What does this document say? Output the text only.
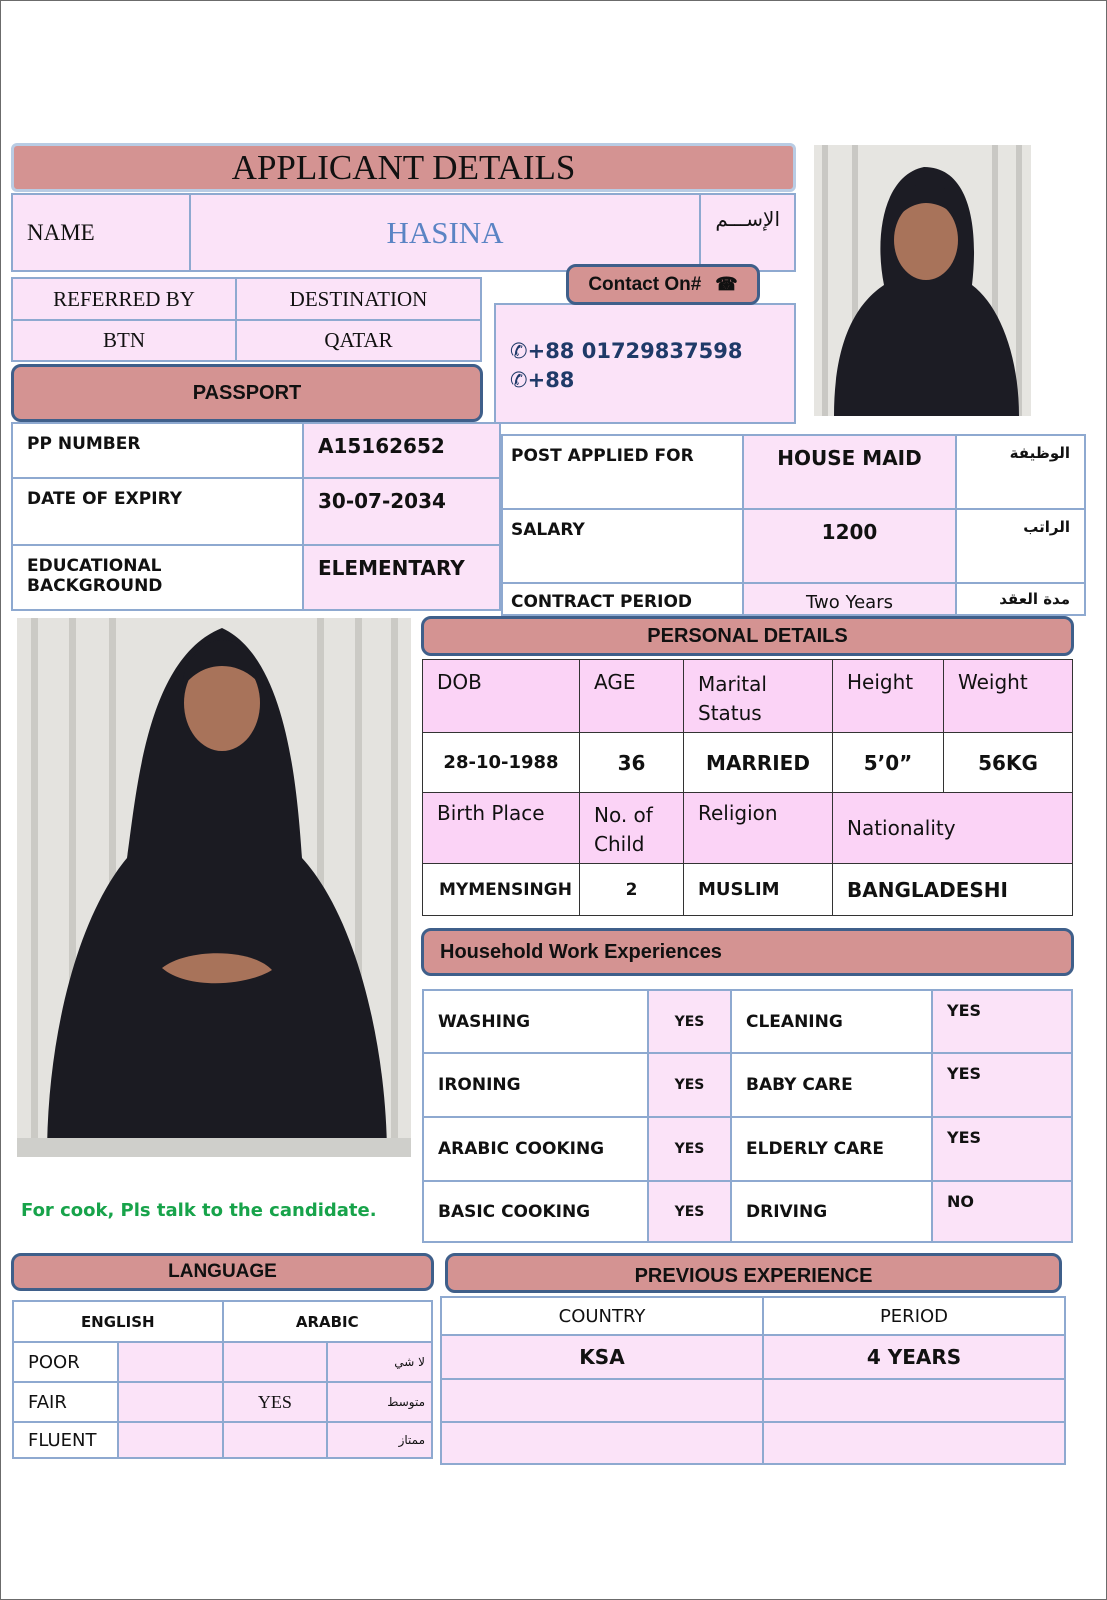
APPLICANT DETAILS
NAME	HASINA	الإســـم
REFERRED BY	DESTINATION
BTN	QATAR
PASSPORT
✆+88 01729837598
✆+88
Contact On# ☎
PP NUMBER	A15162652
DATE OF EXPIRY	30-07-2034
EDUCATIONAL BACKGROUND	ELEMENTARY
POST APPLIED FOR	HOUSE MAID	الوظيفة
SALARY	1200	الراتب
CONTRACT PERIOD	Two Years	مدة العقد
PERSONAL DETAILS
DOB	AGE	Marital Status	Height	Weight
28-10-1988	36	MARRIED	5’0”	56KG
Birth Place	No. of Child	Religion	Nationality	
MYMENSINGH	2	MUSLIM	BANGLADESHI	
Household Work Experiences
WASHING	YES	CLEANING	YES
IRONING	YES	BABY CARE	YES
ARABIC COOKING	YES	ELDERLY CARE	YES
BASIC COOKING	YES	DRIVING	NO
For cook, Pls talk to the candidate.
LANGUAGE
ENGLISH		ARABIC	
POOR			لا شي
FAIR		YES	متوسط
FLUENT			ممتاز
PREVIOUS EXPERIENCE
COUNTRY	PERIOD
KSA	4 YEARS
